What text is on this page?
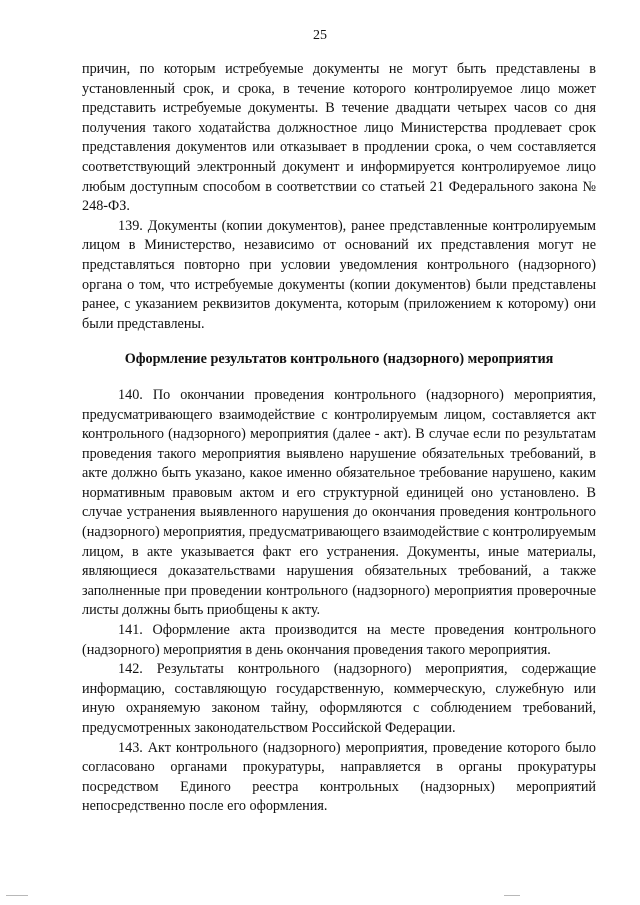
25

причин, по которым истребуемые документы не могут быть представлены в установленный срок, и срока, в течение которого контролируемое лицо может представить истребуемые документы. В течение двадцати четырех часов со дня получения такого ходатайства должностное лицо Министерства продлевает срок представления документов или отказывает в продлении срока, о чем составляется соответствующий электронный документ и информируется контролируемое лицо любым доступным способом в соответствии со статьей 21 Федерального закона № 248-ФЗ.

139. Документы (копии документов), ранее представленные контролируемым лицом в Министерство, независимо от оснований их представления могут не представляться повторно при условии уведомления контрольного (надзорного) органа о том, что истребуемые документы (копии документов) были представлены ранее, с указанием реквизитов документа, которым (приложением к которому) они были представлены.

Оформление результатов контрольного (надзорного) мероприятия

140. По окончании проведения контрольного (надзорного) мероприятия, предусматривающего взаимодействие с контролируемым лицом, составляется акт контрольного (надзорного) мероприятия (далее - акт). В случае если по результатам проведения такого мероприятия выявлено нарушение обязательных требований, в акте должно быть указано, какое именно обязательное требование нарушено, каким нормативным правовым актом и его структурной единицей оно установлено. В случае устранения выявленного нарушения до окончания проведения контрольного (надзорного) мероприятия, предусматривающего взаимодействие с контролируемым лицом, в акте указывается факт его устранения. Документы, иные материалы, являющиеся доказательствами нарушения обязательных требований, а также заполненные при проведении контрольного (надзорного) мероприятия проверочные листы должны быть приобщены к акту.

141. Оформление акта производится на месте проведения контрольного (надзорного) мероприятия в день окончания проведения такого мероприятия.

142. Результаты контрольного (надзорного) мероприятия, содержащие информацию, составляющую государственную, коммерческую, служебную или иную охраняемую законом тайну, оформляются с соблюдением требований, предусмотренных законодательством Российской Федерации.

143. Акт контрольного (надзорного) мероприятия, проведение которого было согласовано органами прокуратуры, направляется в органы прокуратуры посредством Единого реестра контрольных (надзорных) мероприятий непосредственно после его оформления.
